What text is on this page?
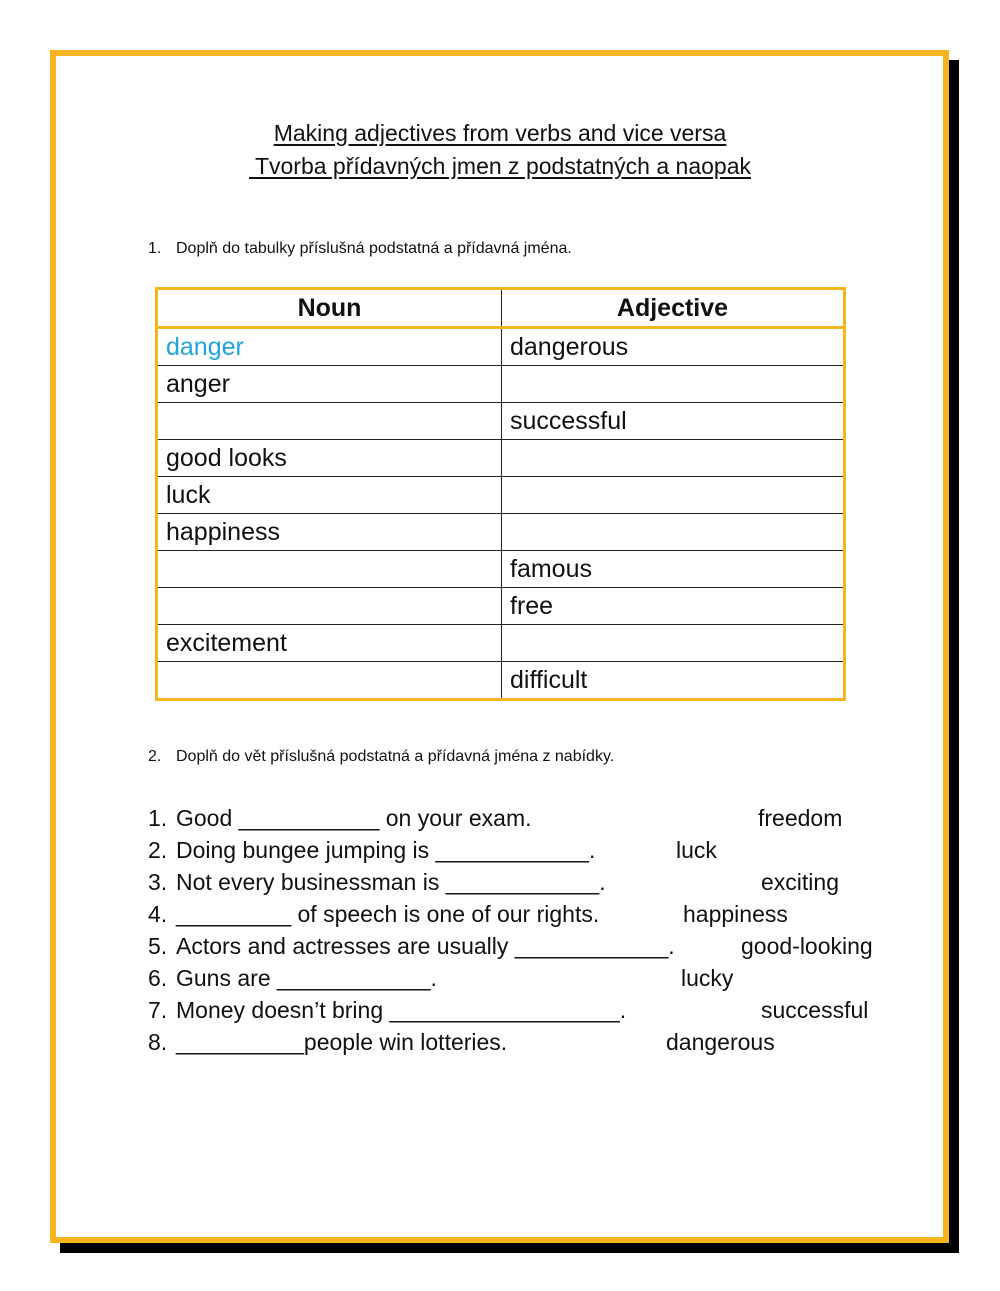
Making adjectives from verbs and vice versa
Tvorba přídavných jmen z podstatných a naopak
1. Doplň do tabulky příslušná podstatná a přídavná jména.
Noun	Adjective
danger	dangerous
anger	
	successful
good looks	
luck	
happiness	
	famous
	free
excitement	
	difficult
2. Doplň do vět příslušná podstatná a přídavná jména z nabídky.
1. Good ___________ on your exam.
2. Doing bungee jumping is ____________.
3. Not every businessman is ____________.
4. _________ of speech is one of our rights.
5. Actors and actresses are usually ____________.
6. Guns are ____________.
7. Money doesn’t bring __________________.
8. __________people win lotteries.
freedom
luck
exciting
happiness
good-looking
lucky
successful
dangerous
